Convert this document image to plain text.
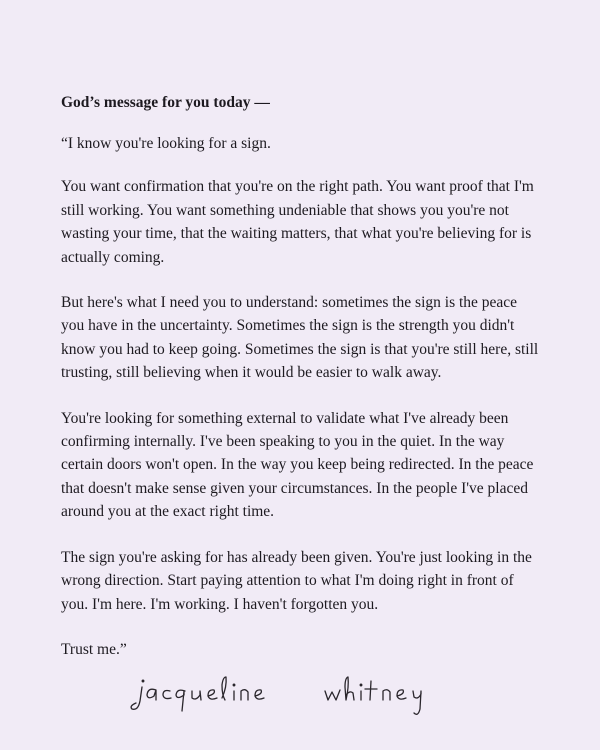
God’s message for you today —

“I know you're looking for a sign.

You want confirmation that you're on the right path. You want proof that I'm still working. You want something undeniable that shows you you're not wasting your time, that the waiting matters, that what you're believing for is actually coming.

But here's what I need you to understand: sometimes the sign is the peace you have in the uncertainty. Sometimes the sign is the strength you didn't know you had to keep going. Sometimes the sign is that you're still here, still trusting, still believing when it would be easier to walk away.

You're looking for something external to validate what I've already been confirming internally. I've been speaking to you in the quiet. In the way certain doors won't open. In the way you keep being redirected. In the peace that doesn't make sense given your circumstances. In the people I've placed around you at the exact right time.

The sign you're asking for has already been given. You're just looking in the wrong direction. Start paying attention to what I'm doing right in front of you. I'm here. I'm working. I haven't forgotten you.

Trust me.”
